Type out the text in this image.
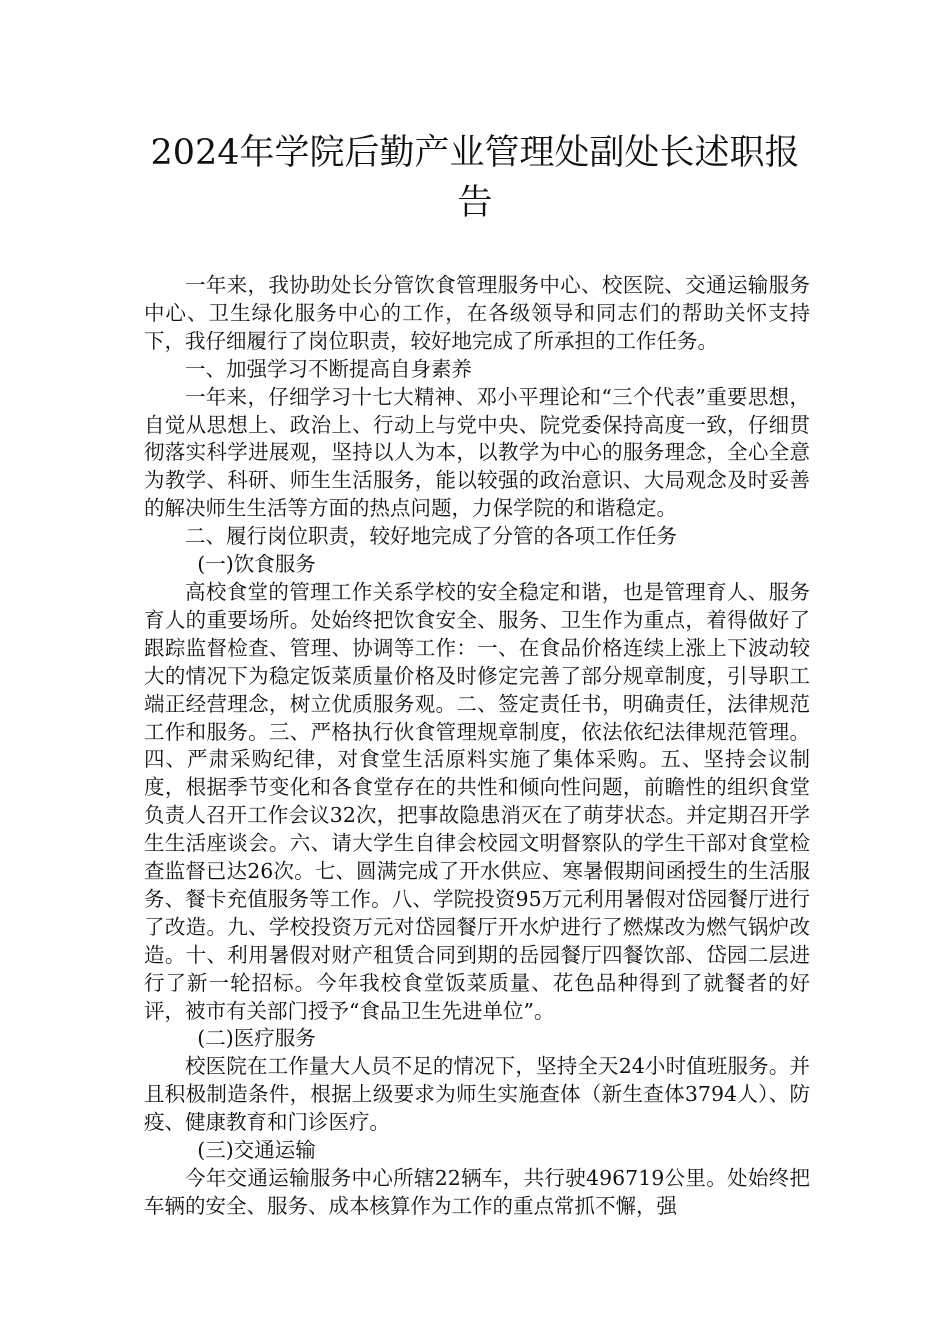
2024年学院后勤产业管理处副处长述职报告

一年来，我协助处长分管饮食管理服务中心、校医院、交通运输服务中心、卫生绿化服务中心的工作，在各级领导和同志们的帮助关怀支持下，我仔细履行了岗位职责，较好地完成了所承担的工作任务。

一、加强学习不断提高自身素养

一年来，仔细学习十七大精神、邓小平理论和“三个代表”重要思想，自觉从思想上、政治上、行动上与党中央、院党委保持高度一致，仔细贯彻落实科学进展观，坚持以人为本，以教学为中心的服务理念，全心全意为教学、科研、师生生活服务，能以较强的政治意识、大局观念及时妥善的解决师生生活等方面的热点问题，力保学院的和谐稳定。

二、履行岗位职责，较好地完成了分管的各项工作任务

(一)饮食服务

高校食堂的管理工作关系学校的安全稳定和谐，也是管理育人、服务育人的重要场所。处始终把饮食安全、服务、卫生作为重点，着得做好了跟踪监督检查、管理、协调等工作：一、在食品价格连续上涨上下波动较大的情况下为稳定饭菜质量价格及时修定完善了部分规章制度，引导职工端正经营理念，树立优质服务观。二、签定责任书，明确责任，法律规范工作和服务。三、严格执行伙食管理规章制度，依法依纪法律规范管理。四、严肃采购纪律，对食堂生活原料实施了集体采购。五、坚持会议制度，根据季节变化和各食堂存在的共性和倾向性问题，前瞻性的组织食堂负责人召开工作会议32次，把事故隐患消灭在了萌芽状态。并定期召开学生生活座谈会。六、请大学生自律会校园文明督察队的学生干部对食堂检查监督已达26次。七、圆满完成了开水供应、寒暑假期间函授生的生活服务、餐卡充值服务等工作。八、学院投资95万元利用暑假对岱园餐厅进行了改造。九、学校投资万元对岱园餐厅开水炉进行了燃煤改为燃气锅炉改造。十、利用暑假对财产租赁合同到期的岳园餐厅四餐饮部、岱园二层进行了新一轮招标。今年我校食堂饭菜质量、花色品种得到了就餐者的好评，被市有关部门授予“食品卫生先进单位”。

(二)医疗服务

校医院在工作量大人员不足的情况下，坚持全天24小时值班服务。并且积极制造条件，根据上级要求为师生实施查体（新生查体3794人）、防疫、健康教育和门诊医疗。

(三)交通运输

今年交通运输服务中心所辖22辆车，共行驶496719公里。处始终把车辆的安全、服务、成本核算作为工作的重点常抓不懈，强
